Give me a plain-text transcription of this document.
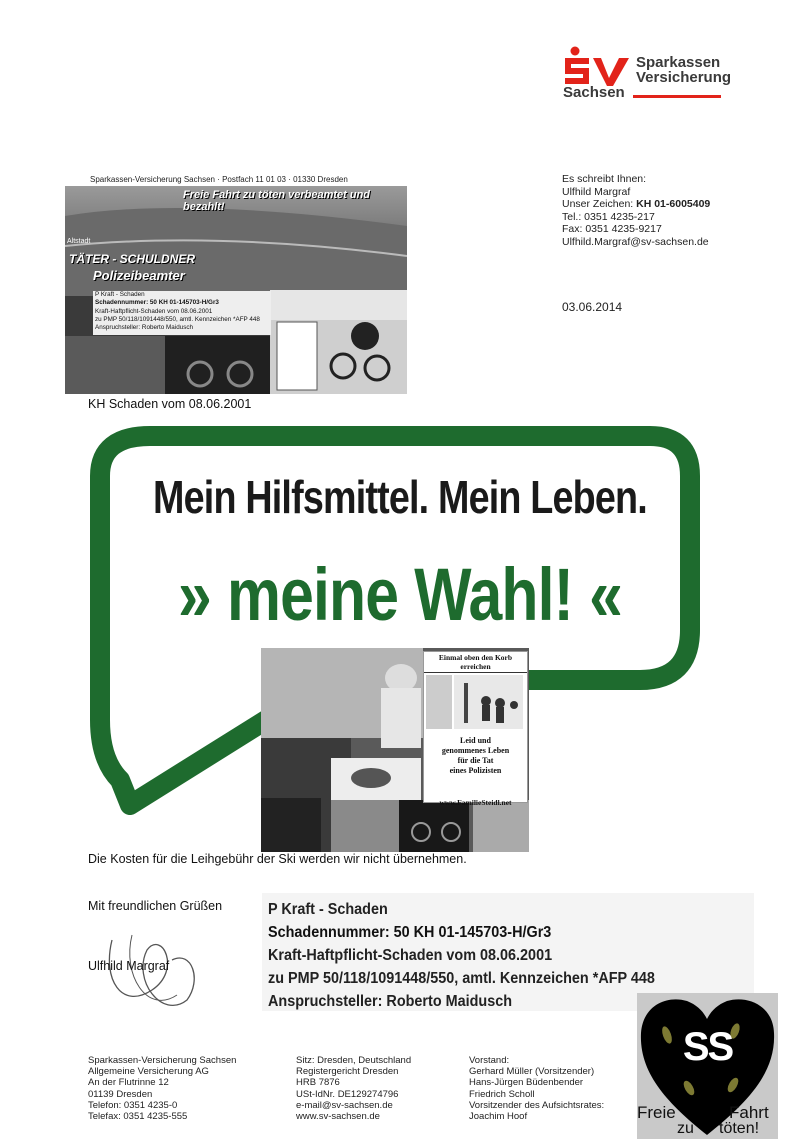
Sparkassen
Versicherung
Sachsen
Sparkassen-Versicherung Sachsen · Postfach 11 01 03 · 01330 Dresden
Freie Fahrt zu töten verbeamtet und bezahlt!
Altstadt
TÄTER - SCHULDNER
Polizeibeamter
P Kraft - Schaden
Schadennummer: 50 KH 01-145703-H/Gr3
Kraft-Haftpflicht-Schaden vom 08.06.2001
zu PMP 50/118/1091448/550, amtl. Kennzeichen *AFP 448
Anspruchsteller: Roberto Maidusch
Es schreibt Ihnen:
Ulfhild Margraf
Unser Zeichen: KH 01-6005409
Tel.: 0351 4235-217
Fax: 0351 4235-9217
Ulfhild.Margraf@sv-sachsen.de
03.06.2014
KH Schaden vom 08.06.2001
Mein Hilfsmittel. Mein Leben.
» meine Wahl! «
Einmal oben den Korb erreichen
Leid und
genommenes Leben
für die Tat
eines Polizisten
www.FamilieSteidl.net
Die Kosten für die Leihgebühr der Ski werden wir nicht übernehmen.
Mit freundlichen Grüßen
Ulfhild Margraf
P Kraft - Schaden
Schadennummer: 50 KH 01-145703-H/Gr3
Kraft-Haftpflicht-Schaden vom 08.06.2001
zu PMP 50/118/1091448/550, amtl. Kennzeichen *AFP 448
Anspruchsteller: Roberto Maidusch
Sparkassen-Versicherung Sachsen
Allgemeine Versicherung AG
An der Flutrinne 12
01139 Dresden
Telefon: 0351 4235-0
Telefax: 0351 4235-555
Sitz: Dresden, Deutschland
Registergericht Dresden
HRB 7876
USt-IdNr. DE129274796
e-mail@sv-sachsen.de
www.sv-sachsen.de
Vorstand:
Gerhard Müller (Vorsitzender)
Hans-Jürgen Büdenbender
Friedrich Scholl
Vorsitzender des Aufsichtsrates:
Joachim Hoof
SS
Freie	Fahrt
zu töten!
